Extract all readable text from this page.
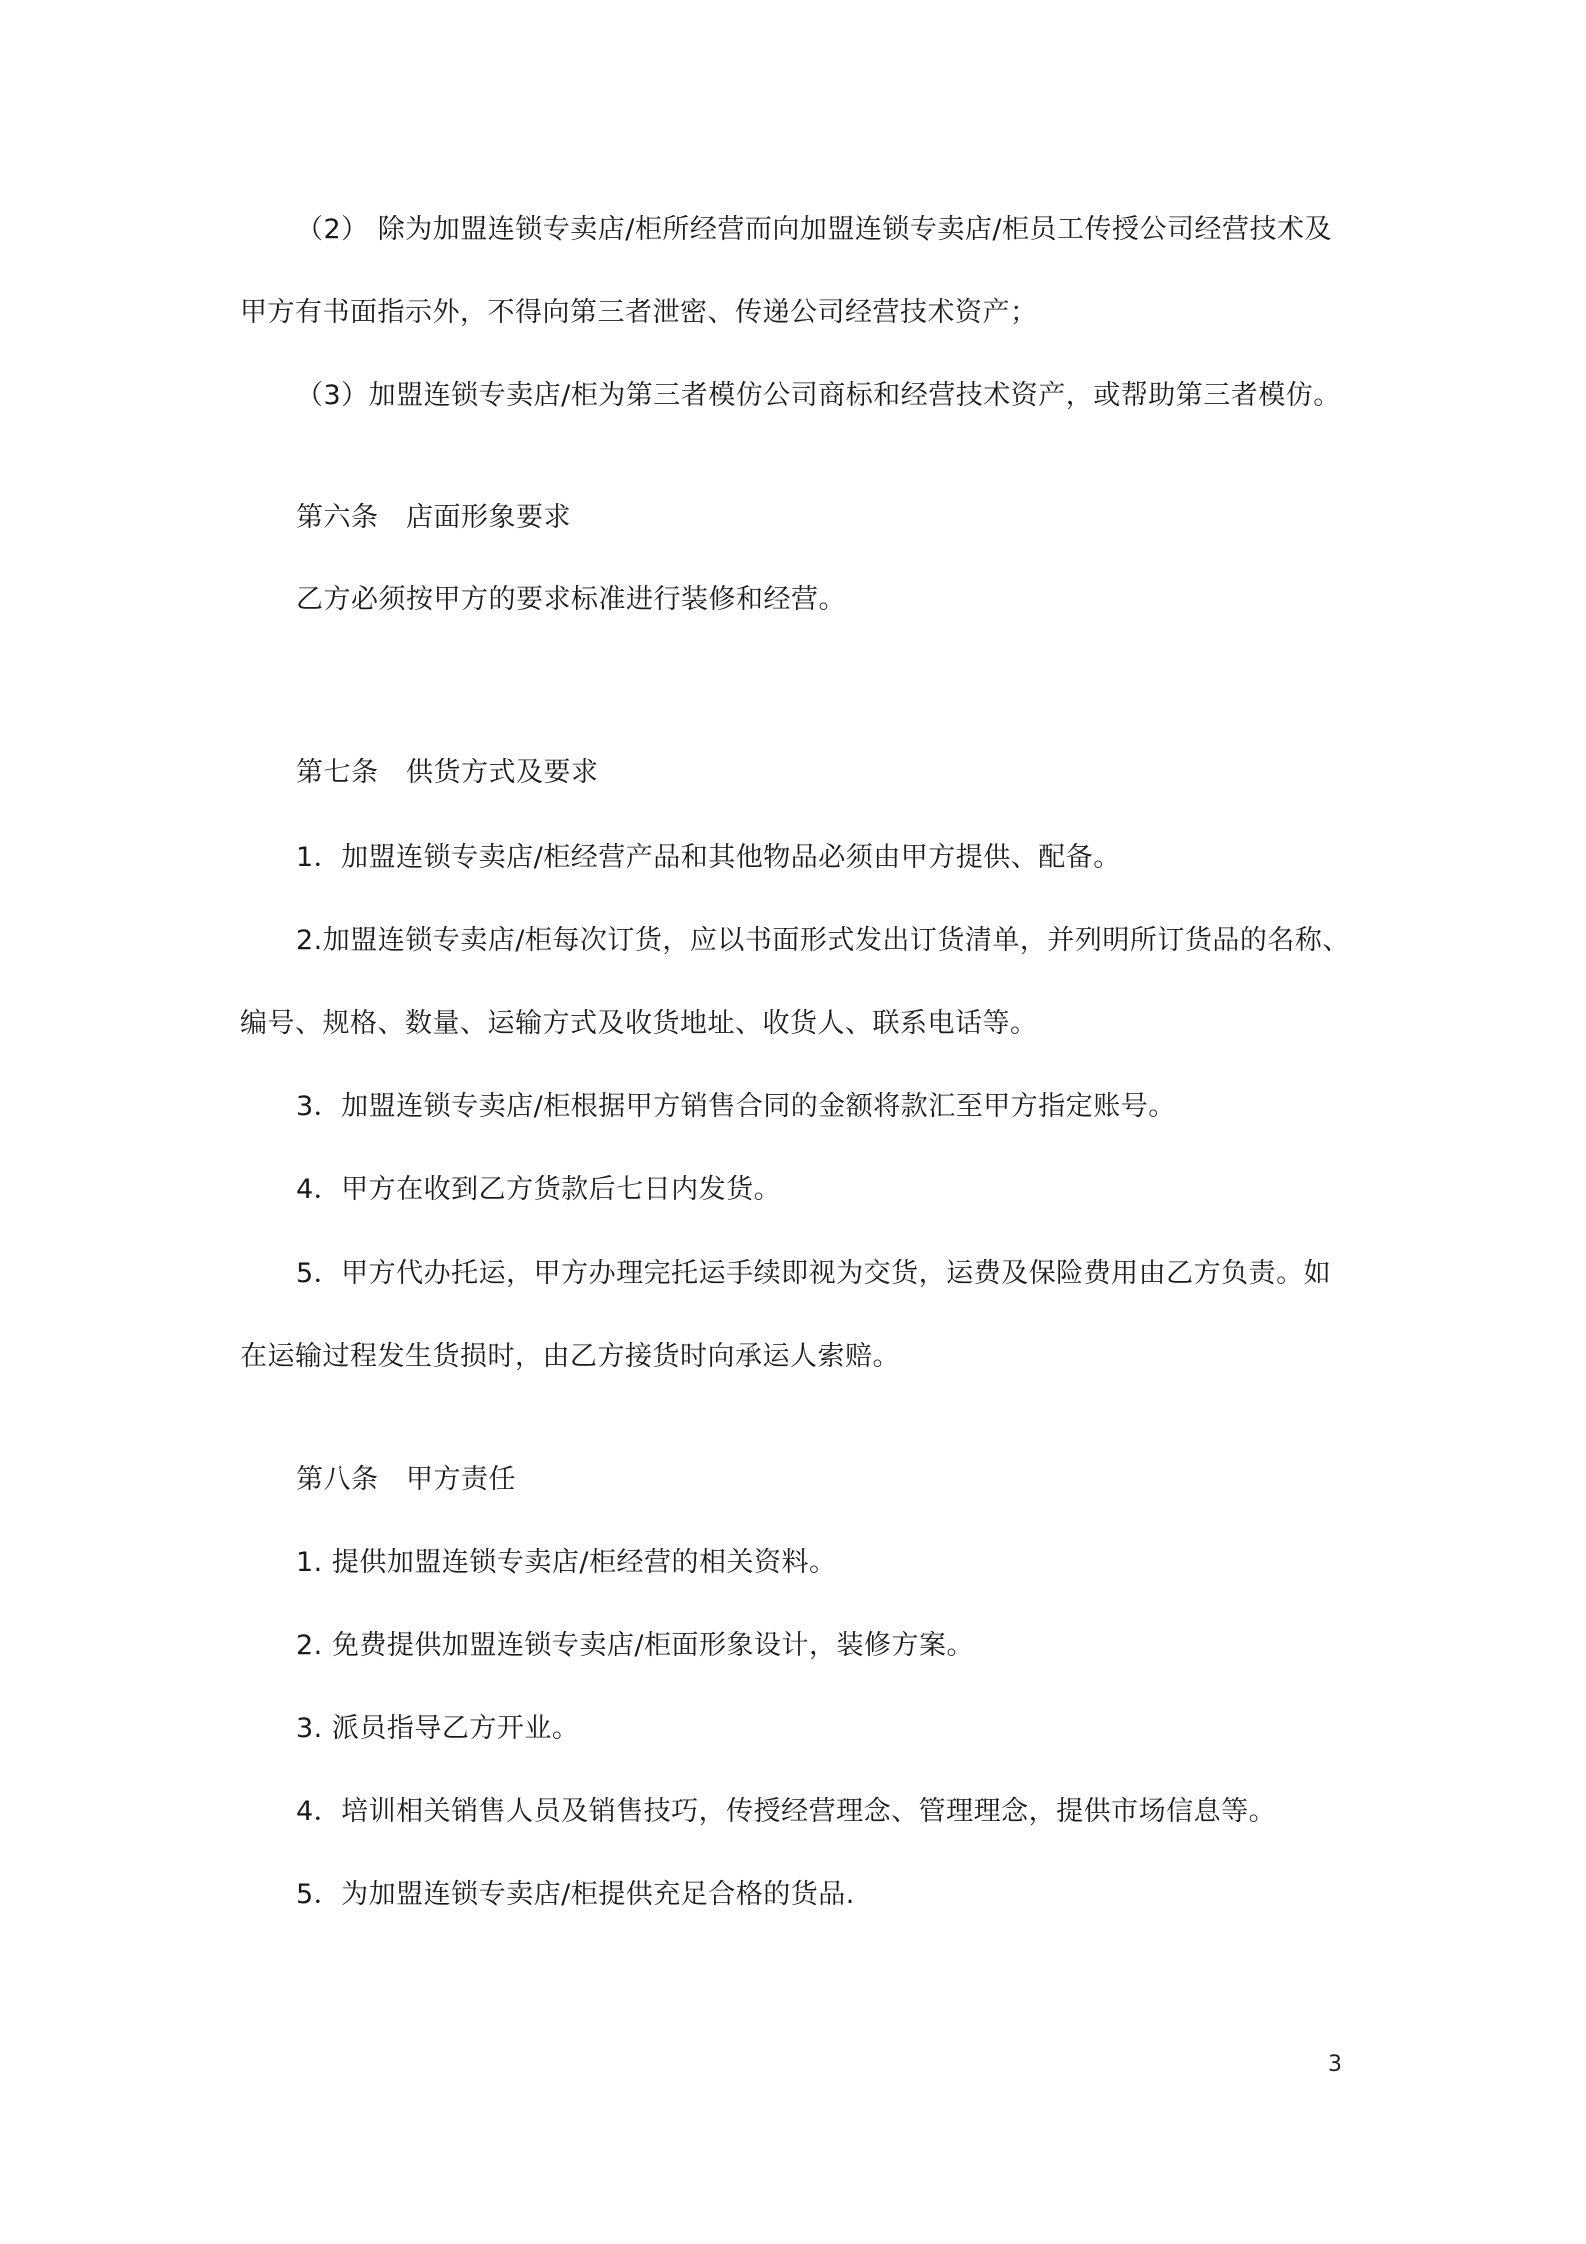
（2） 除为加盟连锁专卖店/柜所经营而向加盟连锁专卖店/柜员工传授公司经营技术及
甲方有书面指示外，不得向第三者泄密、传递公司经营技术资产；
（3）加盟连锁专卖店/柜为第三者模仿公司商标和经营技术资产，或帮助第三者模仿。
第六条　店面形象要求
乙方必须按甲方的要求标准进行装修和经营。
第七条　供货方式及要求
1．加盟连锁专卖店/柜经营产品和其他物品必须由甲方提供、配备。
2.加盟连锁专卖店/柜每次订货，应以书面形式发出订货清单，并列明所订货品的名称、
编号、规格、数量、运输方式及收货地址、收货人、联系电话等。
3．加盟连锁专卖店/柜根据甲方销售合同的金额将款汇至甲方指定账号。
4．甲方在收到乙方货款后七日内发货。
5．甲方代办托运，甲方办理完托运手续即视为交货，运费及保险费用由乙方负责。如
在运输过程发生货损时，由乙方接货时向承运人索赔。
第八条　甲方责任
1. 提供加盟连锁专卖店/柜经营的相关资料。
2. 免费提供加盟连锁专卖店/柜面形象设计，装修方案。
3. 派员指导乙方开业。
4．培训相关销售人员及销售技巧，传授经营理念、管理理念，提供市场信息等。
5．为加盟连锁专卖店/柜提供充足合格的货品.
3
